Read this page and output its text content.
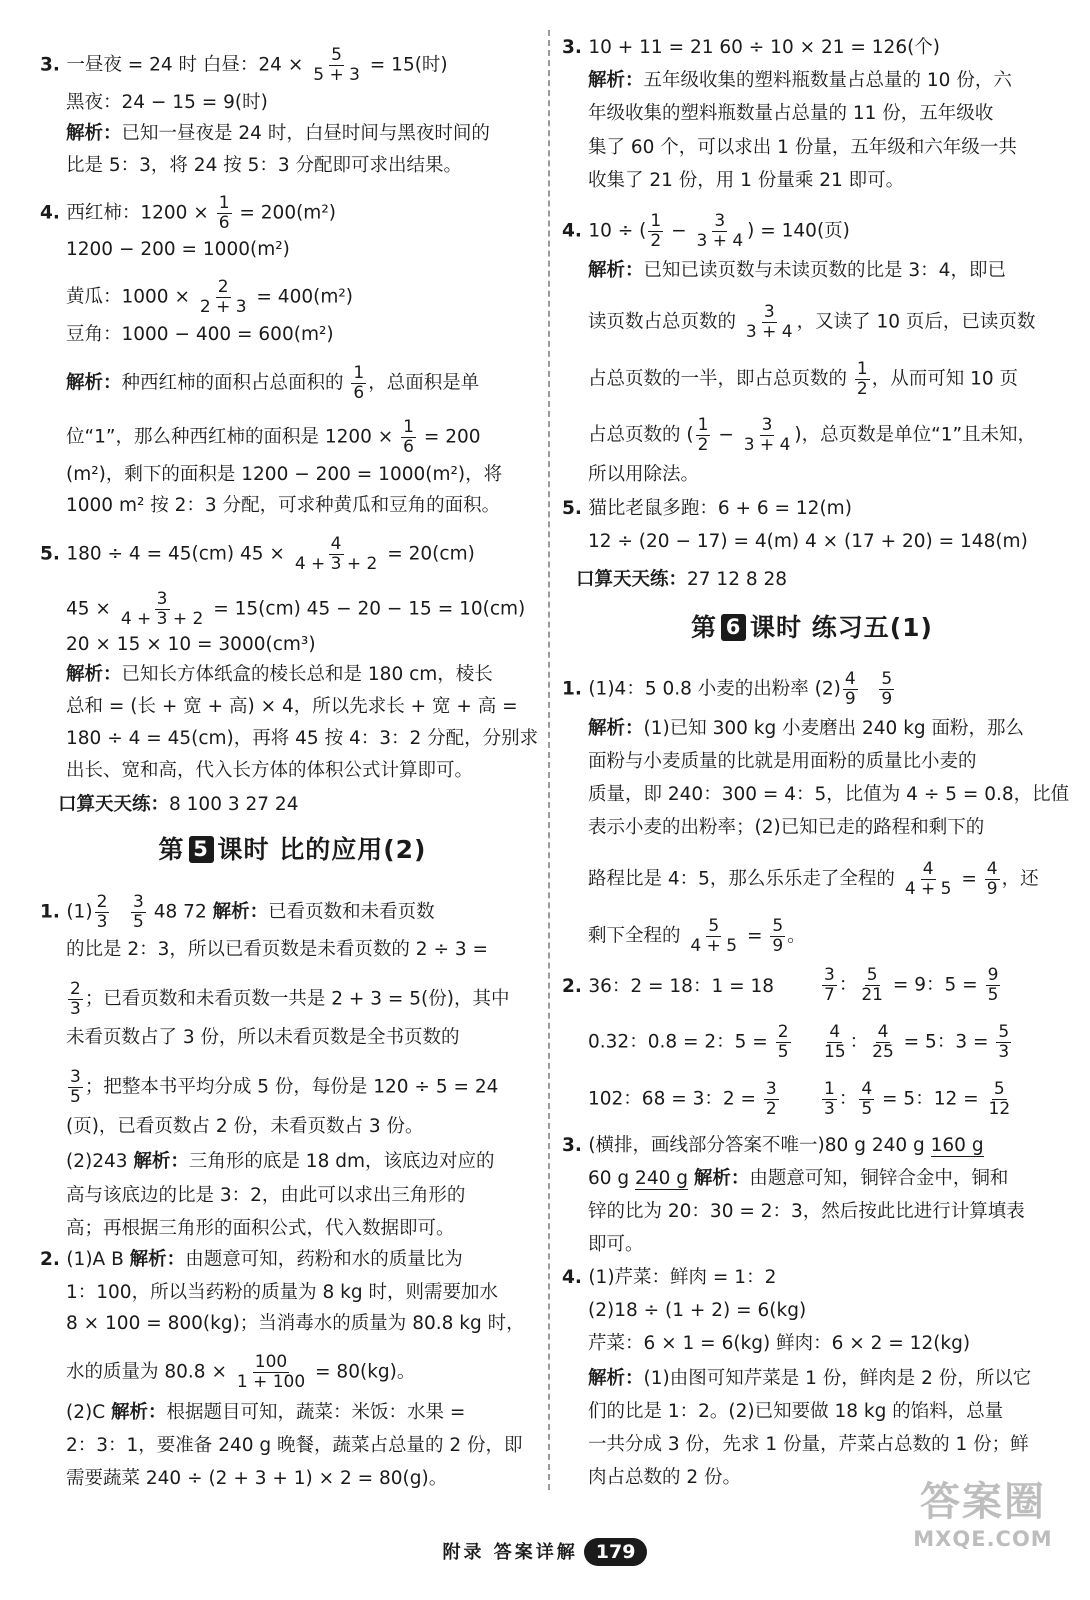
3. 一昼夜 = 24 时 白昼：$24 \times \frac{5}{5 + 3} = 15$(时)
黑夜：24 − 15 = 9(时)
解析：已知一昼夜是 24 时，白昼时间与黑夜时间的
比是 5：3，将 24 按 5：3 分配即可求出结果。
4. 西红柿：$1200 \times \frac{1}{6} = 200(m^2)$
1200 − 200 = 1000(m²)
黄瓜：$1000 \times \frac{2}{2 + 3} = 400(m^2)$
豆角：1000 − 400 = 600(m²)
解析：种西红柿的面积占总面积的 $\frac{1}{6}$ ，总面积是单
位“1”，那么种西红柿的面积是 $1200 \times \frac{1}{6} = 200$
(m²)，剩下的面积是 1200 − 200 = 1000(m²)，将
1000 m² 按 2：3 分配，可求种黄瓜和豆角的面积。
5. 180 ÷ 4 = 45(cm) $45 \times \frac{4}{4 + 3 + 2} = 20(cm)$
$45 \times \frac{3}{4 + 3 + 2} = 15(cm) 45 - 20 - 15 = 10(cm)$
20 × 15 × 10 = 3000(cm³)
解析：已知长方体纸盒的棱长总和是 180 cm，棱长
总和 = (长 + 宽 + 高) × 4，所以先求长 + 宽 + 高 =
180 ÷ 4 = 45(cm)，再将 45 按 4：3：2 分配，分别求
出长、宽和高，代入长方体的体积公式计算即可。
口算天天练：8 100 3 27 24
第 5 课时 比的应用(2)
1. $(1) \frac{2}{3}$
$\frac{3}{5} 48$ 72 解析：已看页数和未看页数
的比是 2：3，所以已看页数是未看页数的 2 ÷ 3 =
$\frac{2}{3}$ ；已看页数和未看页数一共是 2 + 3 = 5(份)，其中
未看页数占了 3 份，所以未看页数是全书页数的
$\frac{3}{5}$ ；把整本书平均分成 5 份，每份是 120 ÷ 5 = 24
(页)，已看页数占 2 份，未看页数占 3 份。
(2)243 解析：三角形的底是 18 dm，该底边对应的
高与该底边的比是 3：2，由此可以求出三角形的
高；再根据三角形的面积公式，代入数据即可。
2. (1)A B 解析：由题意可知，药粉和水的质量比为
1：100，所以当药粉的质量为 8 kg 时，则需要加水
8 × 100 = 800(kg)；当消毒水的质量为 80.8 kg 时，
水的质量为 $80.8 \times \frac{100}{1 + 100} = 80(kg)$。
(2)C 解析：根据题目可知，蔬菜：米饭：水果 =
2：3：1，要准备 240 g 晚餐，蔬菜占总量的 2 份，即
需要蔬菜 240 ÷ (2 + 3 + 1) × 2 = 80(g)。
3. 10 + 11 = 21 60 ÷ 10 × 21 = 126(个)
解析：五年级收集的塑料瓶数量占总量的 10 份，六
年级收集的塑料瓶数量占总量的 11 份，五年级收
集了 60 个，可以求出 1 份量，五年级和六年级一共
收集了 21 份，用 1 份量乘 21 即可。
4. 10 ÷ ( $\frac{1}{2} - \frac{3}{3 + 4}$ ) = 140(页)
解析：已知已读页数与未读页数的比是 3：4，即已
读页数占总页数的 $\frac{3}{3 + 4}$ ，又读了 10 页后，已读页数
占总页数的一半，即占总页数的 $\frac{1}{2}$ ，从而可知 10 页
占总页数的 ( $\frac{1}{2} - \frac{3}{3 + 4}$ )，总页数是单位“1”且未知，
所以用除法。
5. 猫比老鼠多跑：6 + 6 = 12(m)
12 ÷ (20 − 17) = 4(m) 4 × (17 + 20) = 148(m)
口算天天练：27 12 8 28
第 6 课时 练习五(1)
1. (1)4：5 0.8 小麦的出粉率 $(2) \frac{4}{9}$
$\frac{5}{9}$
解析：(1)已知 300 kg 小麦磨出 240 kg 面粉，那么
面粉与小麦质量的比就是用面粉的质量比小麦的
质量，即 240：300 = 4：5，比值为 4 ÷ 5 = 0.8，比值
表示小麦的出粉率；(2)已知已走的路程和剩下的
路程比是 4：5，那么乐乐走了全程的 $\frac{4}{4 + 5} = \frac{4}{9}$ ，还
剩下全程的 $\frac{5}{4 + 5} = \frac{5}{9}$ 。
2. 36：2 = 18：1 = 18	$\frac{3}{7}$ ： $\frac{5}{21} = 9$：$5 = \frac{9}{5}$
0.32：0.8 = 2：$5 = \frac{2}{5} \frac{4}{15}$ ： $\frac{4}{25} = 5$：$3 = \frac{5}{3}$
102：68 = 3：$2 = \frac{3}{2}$	$\frac{1}{3}$ ： $\frac{4}{5} = 5$：$12 = \frac{5}{12}$
3. (横排，画线部分答案不唯一)80 g 240 g 160 g
60 g 240 g 解析：由题意可知，铜锌合金中，铜和
锌的比为 20：30 = 2：3，然后按此比进行计算填表
即可。
4. (1)芹菜：鲜肉 = 1：2
(2)18 ÷ (1 + 2) = 6(kg)
芹菜：6 × 1 = 6(kg) 鲜肉：6 × 2 = 12(kg)
解析：(1)由图可知芹菜是 1 份，鲜肉是 2 份，所以它
们的比是 1：2。(2)已知要做 18 kg 的馅料，总量
一共分成 3 份，先求 1 份量，芹菜占总数的 1 份；鲜
肉占总数的 2 份。
附录 答案详解 179
答案圈
MXQE.COM
